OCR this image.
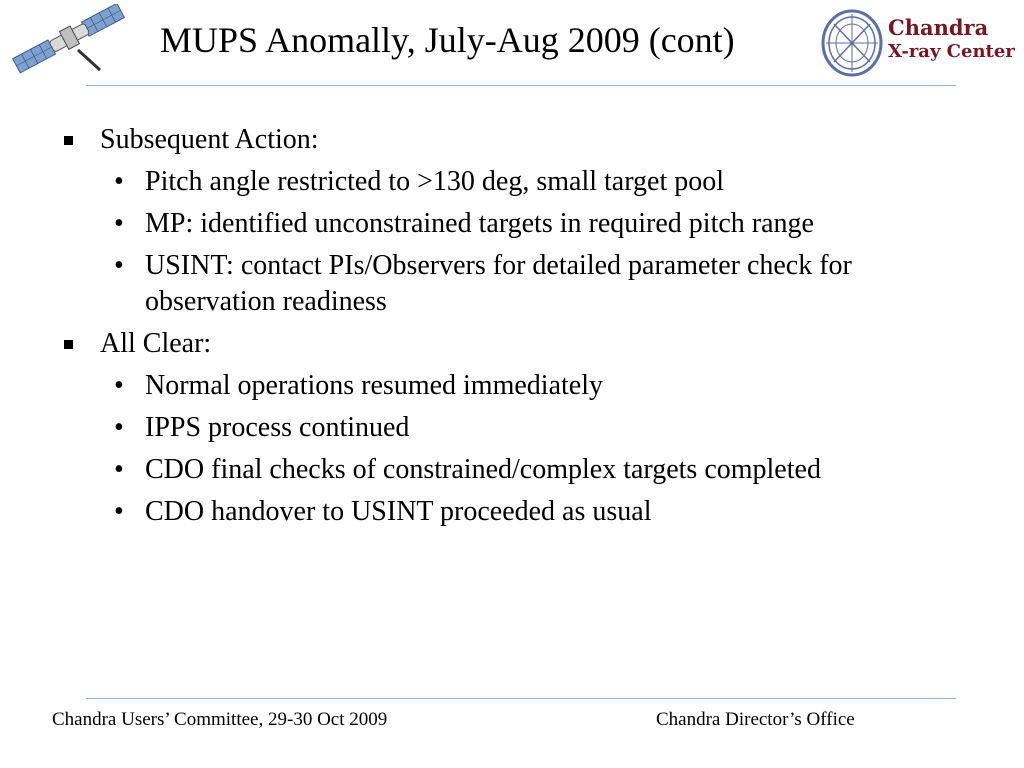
MUPS Anomally, July-Aug 2009 (cont)	Chandra
X-ray Center
Subsequent Action:
• Pitch angle restricted to >130 deg, small target pool
• MP: identified unconstrained targets in required pitch range
• USINT: contact PIs/Observers for detailed parameter check for observation readiness
All Clear:
• Normal operations resumed immediately
• IPPS process continued
• CDO final checks of constrained/complex targets completed
• CDO handover to USINT proceeded as usual
Chandra Users’ Committee, 29-30 Oct 2009	Chandra Director’s Office
